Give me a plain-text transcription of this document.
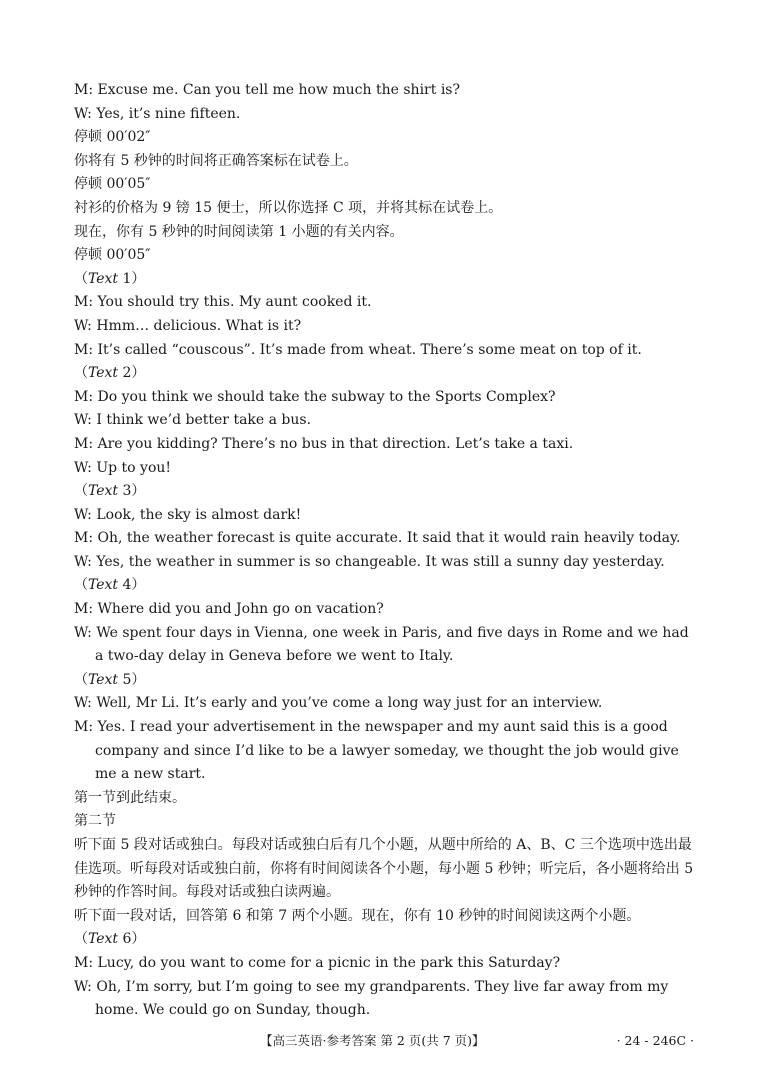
M: Excuse me. Can you tell me how much the shirt is?
W: Yes, it’s nine fifteen.
停顿 00′02″
你将有 5 秒钟的时间将正确答案标在试卷上。
停顿 00′05″
衬衫的价格为 9 镑 15 便士，所以你选择 C 项，并将其标在试卷上。
现在，你有 5 秒钟的时间阅读第 1 小题的有关内容。
停顿 00′05″
（Text 1）
M: You should try this. My aunt cooked it.
W: Hmm… delicious. What is it?
M: It’s called “couscous”. It’s made from wheat. There’s some meat on top of it.
（Text 2）
M: Do you think we should take the subway to the Sports Complex?
W: I think we’d better take a bus.
M: Are you kidding? There’s no bus in that direction. Let’s take a taxi.
W: Up to you!
（Text 3）
W: Look, the sky is almost dark!
M: Oh, the weather forecast is quite accurate. It said that it would rain heavily today.
W: Yes, the weather in summer is so changeable. It was still a sunny day yesterday.
（Text 4）
M: Where did you and John go on vacation?
W: We spent four days in Vienna, one week in Paris, and five days in Rome and we had a two-day delay in Geneva before we went to Italy.
（Text 5）
W: Well, Mr Li. It’s early and you’ve come a long way just for an interview.
M: Yes. I read your advertisement in the newspaper and my aunt said this is a good company and since I’d like to be a lawyer someday, we thought the job would give me a new start.
第一节到此结束。
第二节
听下面 5 段对话或独白。每段对话或独白后有几个小题，从题中所给的 A、B、C 三个选项中选出最佳选项。听每段对话或独白前，你将有时间阅读各个小题，每小题 5 秒钟；听完后，各小题将给出 5 秒钟的作答时间。每段对话或独白读两遍。
听下面一段对话，回答第 6 和第 7 两个小题。现在，你有 10 秒钟的时间阅读这两个小题。
（Text 6）
M: Lucy, do you want to come for a picnic in the park this Saturday?
W: Oh, I’m sorry, but I’m going to see my grandparents. They live far away from my home. We could go on Sunday, though.
【高三英语·参考答案 第 2 页(共 7 页)】	· 24 - 246C ·
